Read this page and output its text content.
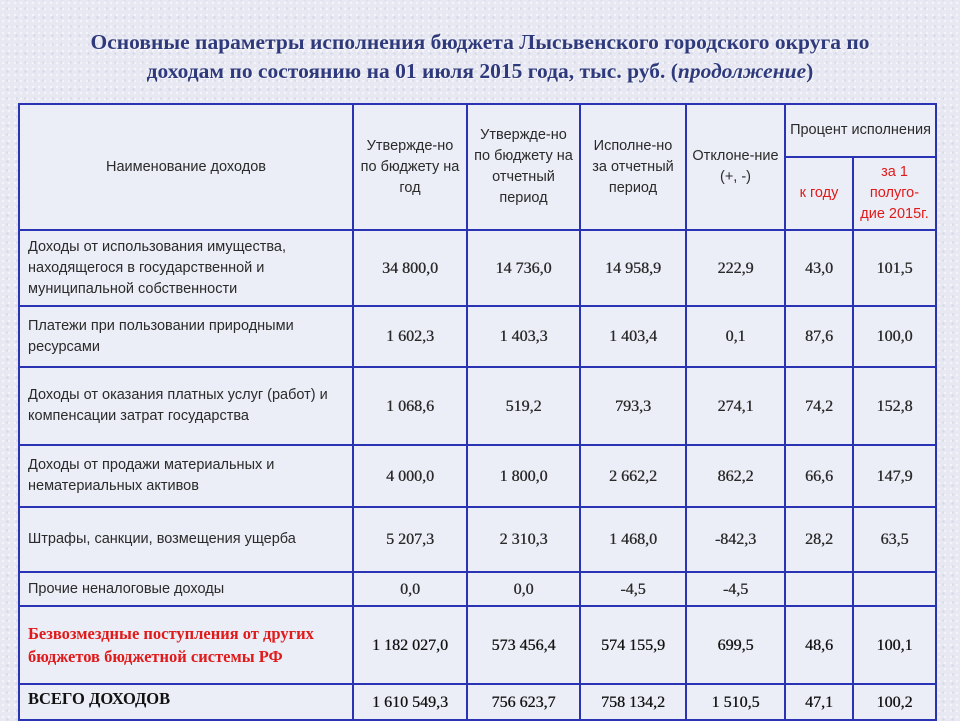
Основные параметры исполнения бюджета Лысьвенского городского округа по
доходам по состоянию на 01 июля 2015 года, тыс. руб. (продолжение)
Наименование доходов	Утвержде-но по бюджету на год	Утвержде-но по бюджету на отчетный период	Исполне-но за отчетный период	Отклоне-ние (+, -)	Процент исполнения	
					к году	за 1 полуго-дие 2015г.
Доходы от использования имущества, находящегося в государственной и муниципальной собственности	34 800,0	14 736,0	14 958,9	222,9	43,0	101,5
Платежи при пользовании природными ресурсами	1 602,3	1 403,3	1 403,4	0,1	87,6	100,0
Доходы от оказания платных услуг (работ) и компенсации затрат государства	1 068,6	519,2	793,3	274,1	74,2	152,8
Доходы от продажи материальных и нематериальных активов	4 000,0	1 800,0	2 662,2	862,2	66,6	147,9
Штрафы, санкции, возмещения ущерба	5 207,3	2 310,3	1 468,0	-842,3	28,2	63,5
Прочие неналоговые доходы	0,0	0,0	-4,5	-4,5		
Безвозмездные поступления от других бюджетов бюджетной системы РФ	1 182 027,0	573 456,4	574 155,9	699,5	48,6	100,1
ВСЕГО ДОХОДОВ	1 610 549,3	756 623,7	758 134,2	1 510,5	47,1	100,2
